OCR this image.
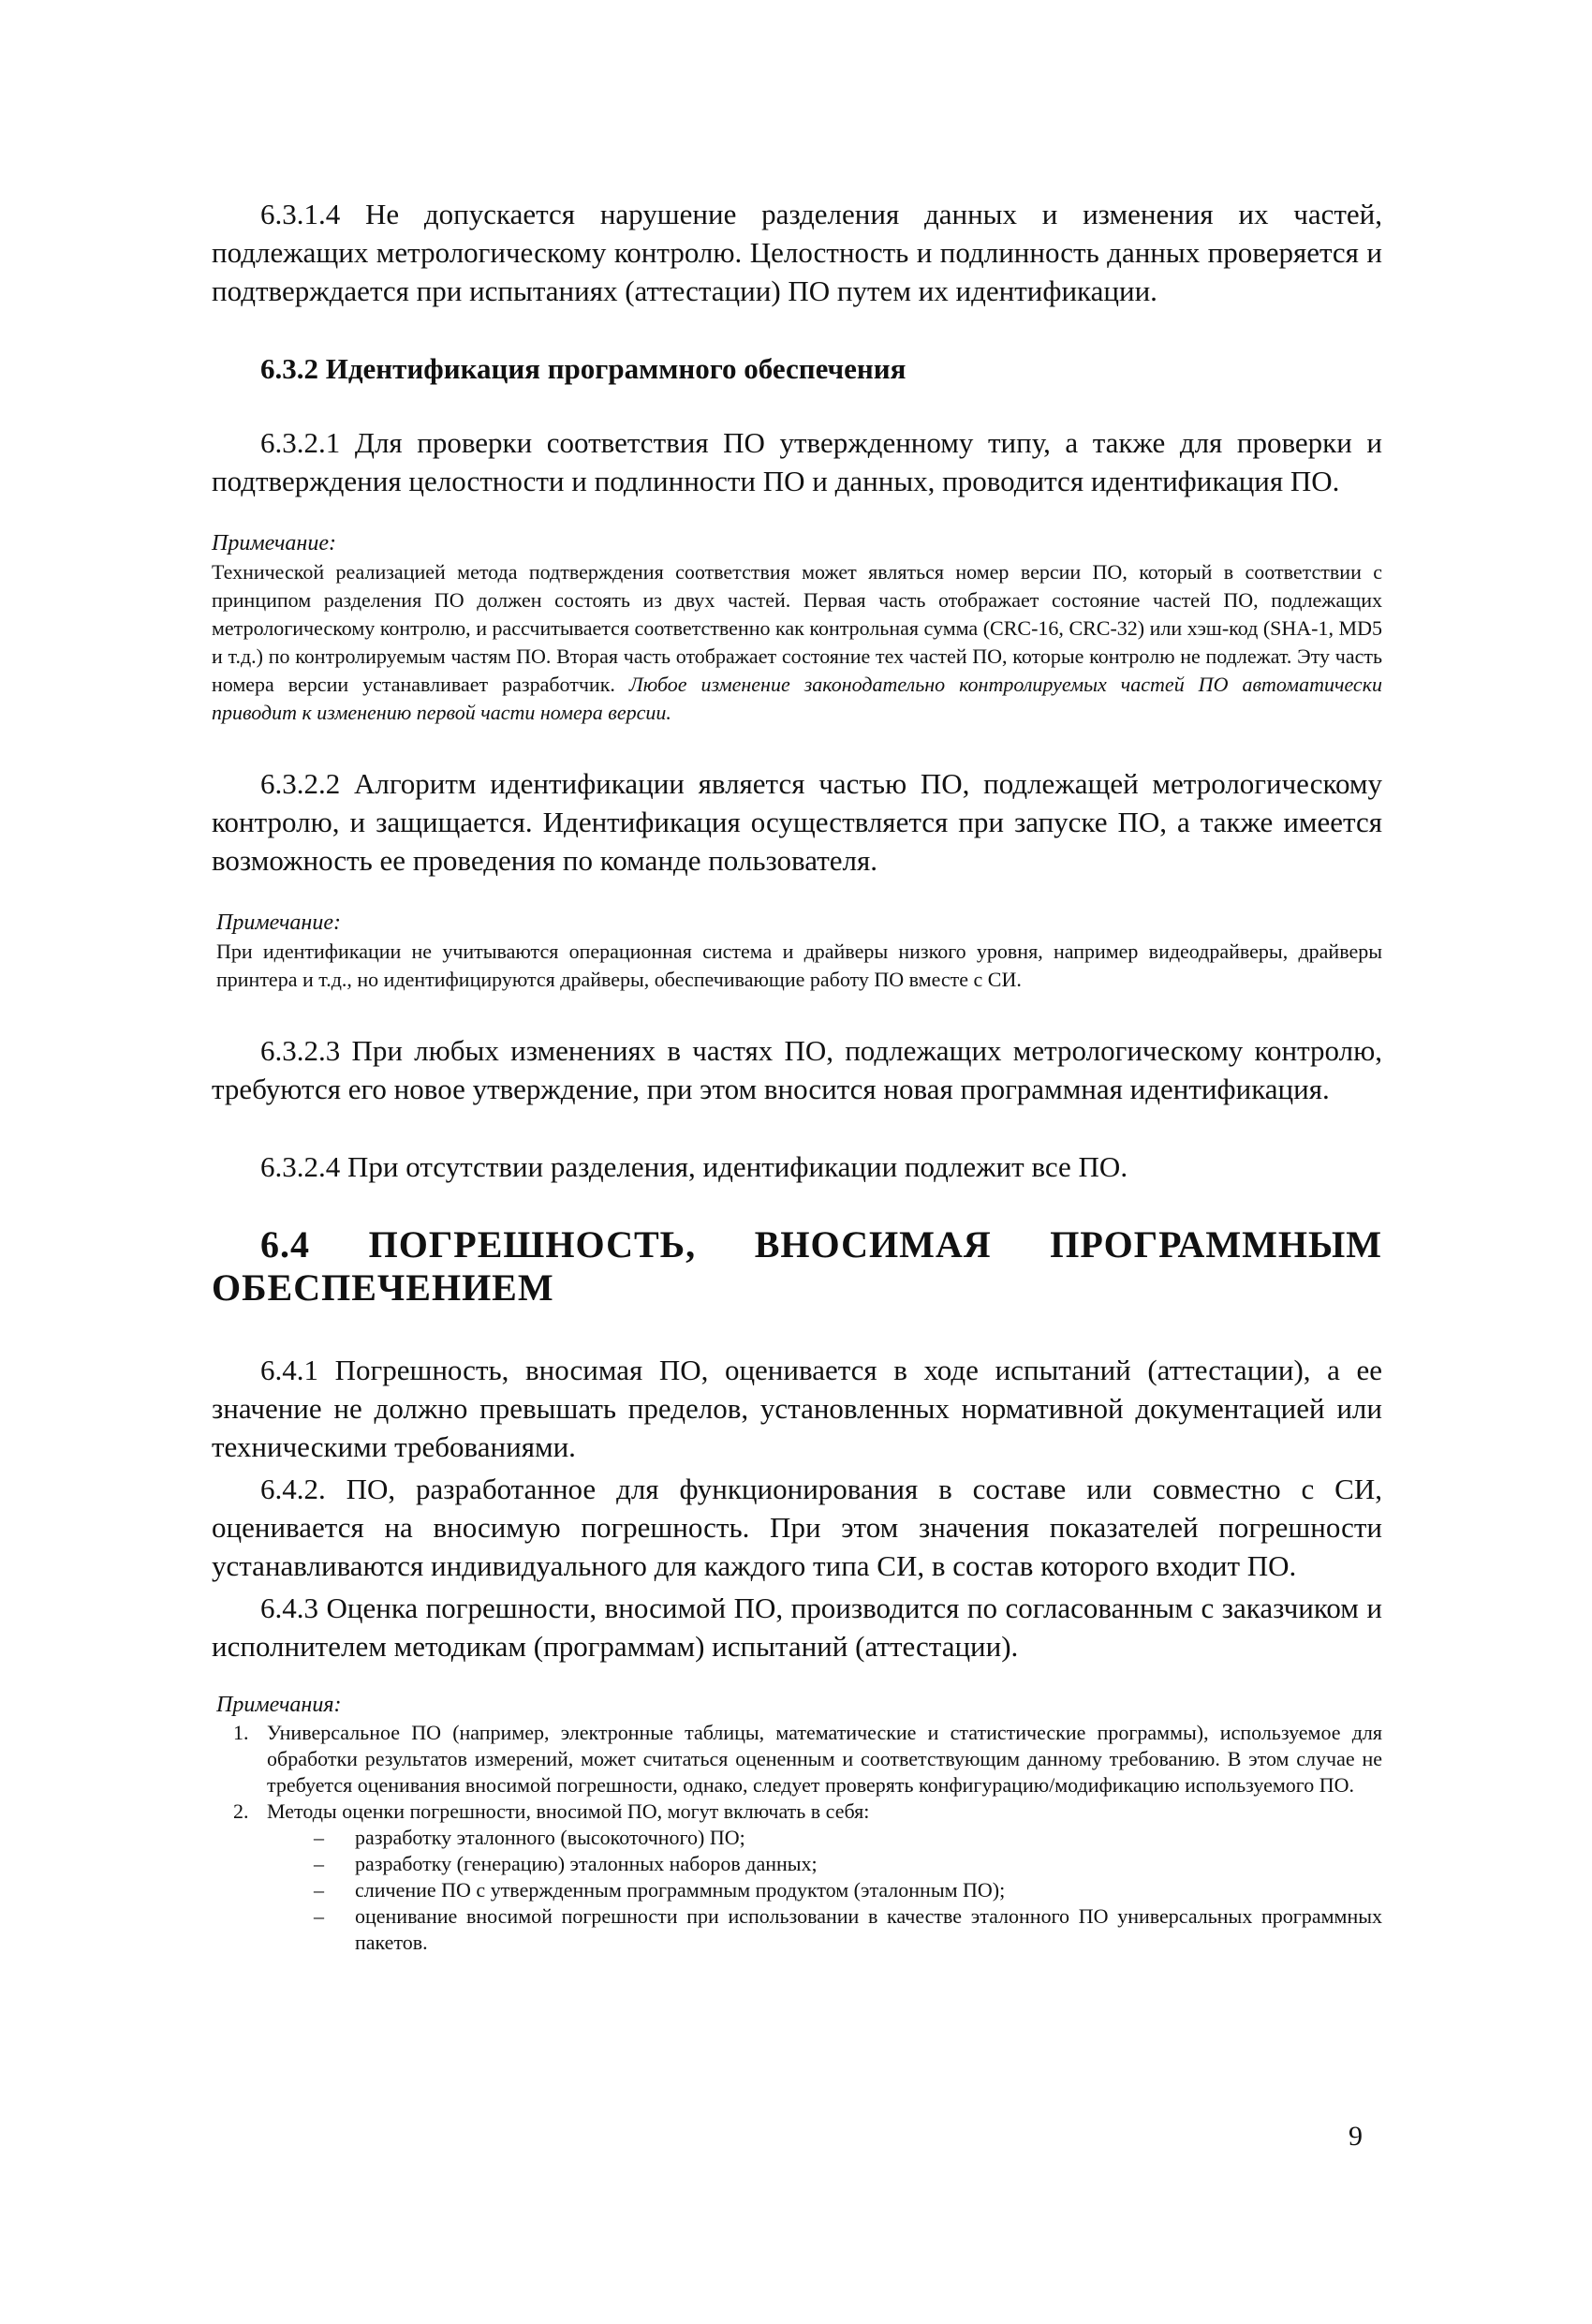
6.3.1.4 Не допускается нарушение разделения данных и изменения их частей, подлежащих метрологическому контролю. Целостность и подлинность данных проверяется и подтверждается при испытаниях (аттестации) ПО путем их идентификации.

6.3.2 Идентификация программного обеспечения

6.3.2.1 Для проверки соответствия ПО утвержденному типу, а также для проверки и подтверждения целостности и подлинности ПО и данных, проводится идентификация ПО.

Примечание:
Технической реализацией метода подтверждения соответствия может являться номер версии ПО, который в соответствии с принципом разделения ПО должен состоять из двух частей. Первая часть отображает состояние частей ПО, подлежащих метрологическому контролю, и рассчитывается соответственно как контрольная сумма (CRC-16, CRC-32) или хэш-код (SHA-1, MD5 и т.д.) по контролируемым частям ПО. Вторая часть отображает состояние тех частей ПО, которые контролю не подлежат. Эту часть номера версии устанавливает разработчик. Любое изменение законодательно контролируемых частей ПО автоматически приводит к изменению первой части номера версии.

6.3.2.2 Алгоритм идентификации является частью ПО, подлежащей метрологическому контролю, и защищается. Идентификация осуществляется при запуске ПО, а также имеется возможность ее проведения по команде пользователя.

Примечание:
При идентификации не учитываются операционная система и драйверы низкого уровня, например видеодрайверы, драйверы принтера и т.д., но идентифицируются драйверы, обеспечивающие работу ПО вместе с СИ.

6.3.2.3 При любых изменениях в частях ПО, подлежащих метрологическому контролю, требуются его новое утверждение, при этом вносится новая программная идентификация.

6.3.2.4 При отсутствии разделения, идентификации подлежит все ПО.

6.4 ПОГРЕШНОСТЬ, ВНОСИМАЯ ПРОГРАММНЫМ ОБЕСПЕЧЕНИЕМ

6.4.1 Погрешность, вносимая ПО, оценивается в ходе испытаний (аттестации), а ее значение не должно превышать пределов, установленных нормативной документацией или техническими требованиями.

6.4.2. ПО, разработанное для функционирования в составе или совместно с СИ, оценивается на вносимую погрешность. При этом значения показателей погрешности устанавливаются индивидуального для каждого типа СИ, в состав которого входит ПО.

6.4.3 Оценка погрешности, вносимой ПО, производится по согласованным с заказчиком и исполнителем методикам (программам) испытаний (аттестации).

Примечания:
1. Универсальное ПО (например, электронные таблицы, математические и статистические программы), используемое для обработки результатов измерений, может считаться оцененным и соответствующим данному требованию. В этом случае не требуется оценивания вносимой погрешности, однако, следует проверять конфигурацию/модификацию используемого ПО.
2. Методы оценки погрешности, вносимой ПО, могут включать в себя:
– разработку эталонного (высокоточного) ПО;
– разработку (генерацию) эталонных наборов данных;
– сличение ПО с утвержденным программным продуктом (эталонным ПО);
– оценивание вносимой погрешности при использовании в качестве эталонного ПО универсальных программных пакетов.
9
